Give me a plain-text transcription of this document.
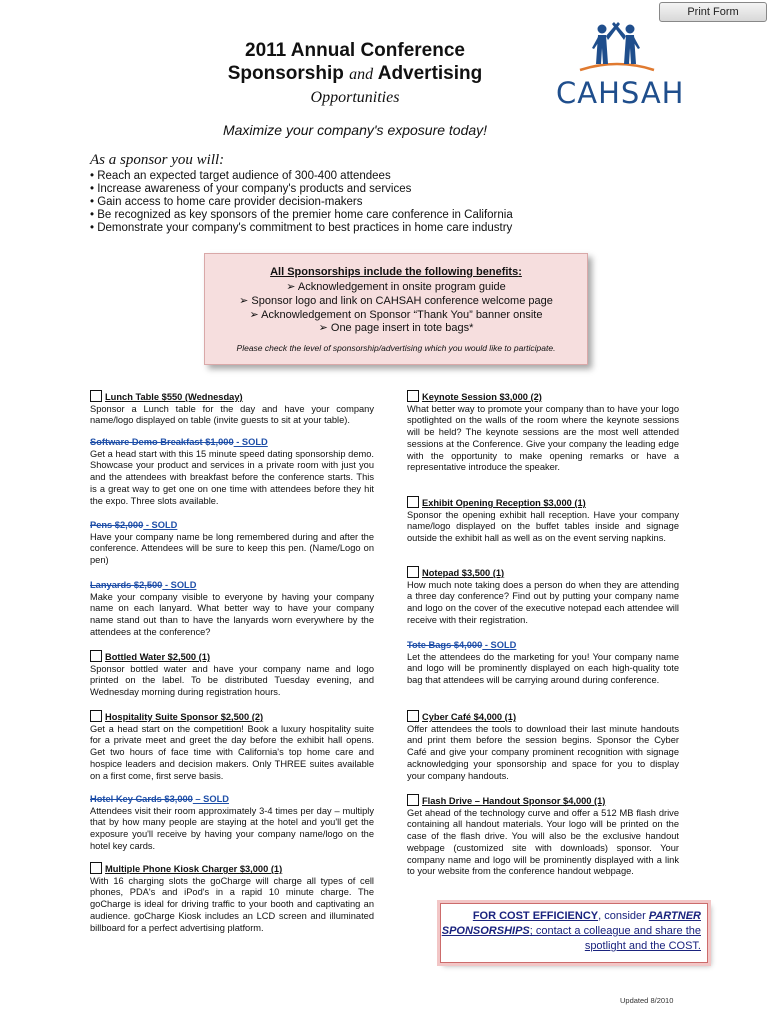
Print Form
CAHSAH
2011 Annual Conference
Sponsorship and Advertising
Opportunities
Maximize your company's exposure today!
As a sponsor you will:
• Reach an expected target audience of 300-400 attendees
• Increase awareness of your company's products and services
• Gain access to home care provider decision-makers
• Be recognized as key sponsors of the premier home care conference in California
• Demonstrate your company's commitment to best practices in home care industry
All Sponsorships include the following benefits:
➢ Acknowledgement in onsite program guide
➢ Sponsor logo and link on CAHSAH conference welcome page
➢ Acknowledgement on Sponsor “Thank You” banner onsite
➢ One page insert in tote bags*
Please check the level of sponsorship/advertising which you would like to participate.
Lunch Table $550 (Wednesday)
Sponsor a Lunch table for the day and have your company name/logo displayed on table (invite guests to sit at your table).
Software Demo Breakfast $1,000 - SOLD
Get a head start with this 15 minute speed dating sponsorship demo. Showcase your product and services in a private room with just you and the attendees with breakfast before the conference starts. This is a great way to get one on one time with attendees before they hit the expo. Three slots available.
Pens $2,000 - SOLD
Have your company name be long remembered during and after the conference. Attendees will be sure to keep this pen. (Name/Logo on pen)
Lanyards $2,500 - SOLD
Make your company visible to everyone by having your company name on each lanyard. What better way to have your company name stand out than to have the lanyards worn everywhere by the attendees at the conference?
Bottled Water $2,500 (1)
Sponsor bottled water and have your company name and logo printed on the label. To be distributed Tuesday evening, and Wednesday morning during registration hours.
Hospitality Suite Sponsor $2,500 (2)
Get a head start on the competition! Book a luxury hospitality suite for a private meet and greet the day before the exhibit hall opens. Get two hours of face time with California's top home care and hospice leaders and decision makers. Only THREE suites available on a first come, first serve basis.
Hotel Key Cards $3,000 – SOLD
Attendees visit their room approximately 3-4 times per day – multiply that by how many people are staying at the hotel and you'll get the exposure you'll receive by having your company name/logo on the hotel key cards.
Multiple Phone Kiosk Charger $3,000 (1)
With 16 charging slots the goCharge will charge all types of cell phones, PDA's and iPod's in a rapid 10 minute charge. The goCharge is ideal for driving traffic to your booth and captivating an audience. goCharge Kiosk includes an LCD screen and illuminated billboard for a perfect advertising platform.
Keynote Session $3,000 (2)
What better way to promote your company than to have your logo spotlighted on the walls of the room where the keynote sessions will be held? The keynote sessions are the most well attended sessions at the Conference. Give your company the leading edge with the opportunity to make opening remarks or have a representative introduce the speaker.
Exhibit Opening Reception $3,000 (1)
Sponsor the opening exhibit hall reception. Have your company name/logo displayed on the buffet tables inside and signage outside the exhibit hall as well as on the event serving napkins.
Notepad $3,500 (1)
How much note taking does a person do when they are attending a three day conference? Find out by putting your company name and logo on the cover of the executive notepad each attendee will receive with their registration.
Tote Bags $4,000 - SOLD
Let the attendees do the marketing for you! Your company name and logo will be prominently displayed on each high-quality tote bag that attendees will be carrying around during conference.
Cyber Café $4,000 (1)
Offer attendees the tools to download their last minute handouts and print them before the session begins. Sponsor the Cyber Café and give your company prominent recognition with signage acknowledging your sponsorship and space for you to display your company handouts.
Flash Drive – Handout Sponsor $4,000 (1)
Get ahead of the technology curve and offer a 512 MB flash drive containing all handout materials. Your logo will be printed on the case of the flash drive. You will also be the exclusive handout webpage (customized site with downloads) sponsor. Your company name and logo will be prominently displayed with a link to your website from the conference handout webpage.
FOR COST EFFICIENCY, consider PARTNER
SPONSORSHIPS; contact a colleague and share the
spotlight and the COST.
Updated 8/2010
